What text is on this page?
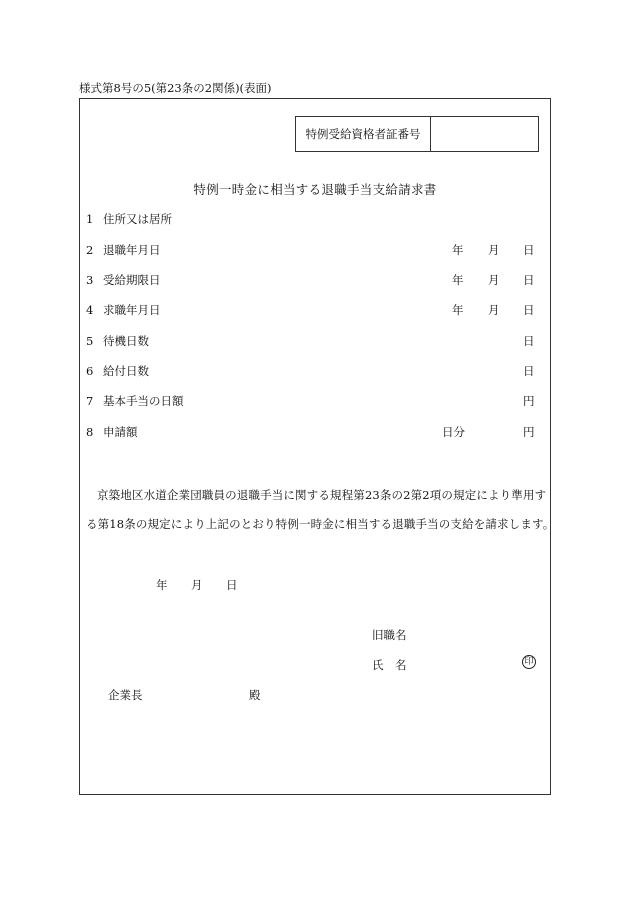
様式第8号の5(第23条の2関係)(表面)
特例受給資格者証番号
特例一時金に相当する退職手当支給請求書
1 住所又は居所
2 退職年月日	年 月 日
3 受給期限日	年 月 日
4 求職年月日	年 月 日
5 待機日数	日
6 給付日数	日
7 基本手当の日額	円
8 申請額	日分	円
京築地区水道企業団職員の退職手当に関する規程第23条の2第2項の規定により準用す
る第18条の規定により上記のとおり特例一時金に相当する退職手当の支給を請求します。
年 月 日
旧職名
氏　名	印
企業長	殿
